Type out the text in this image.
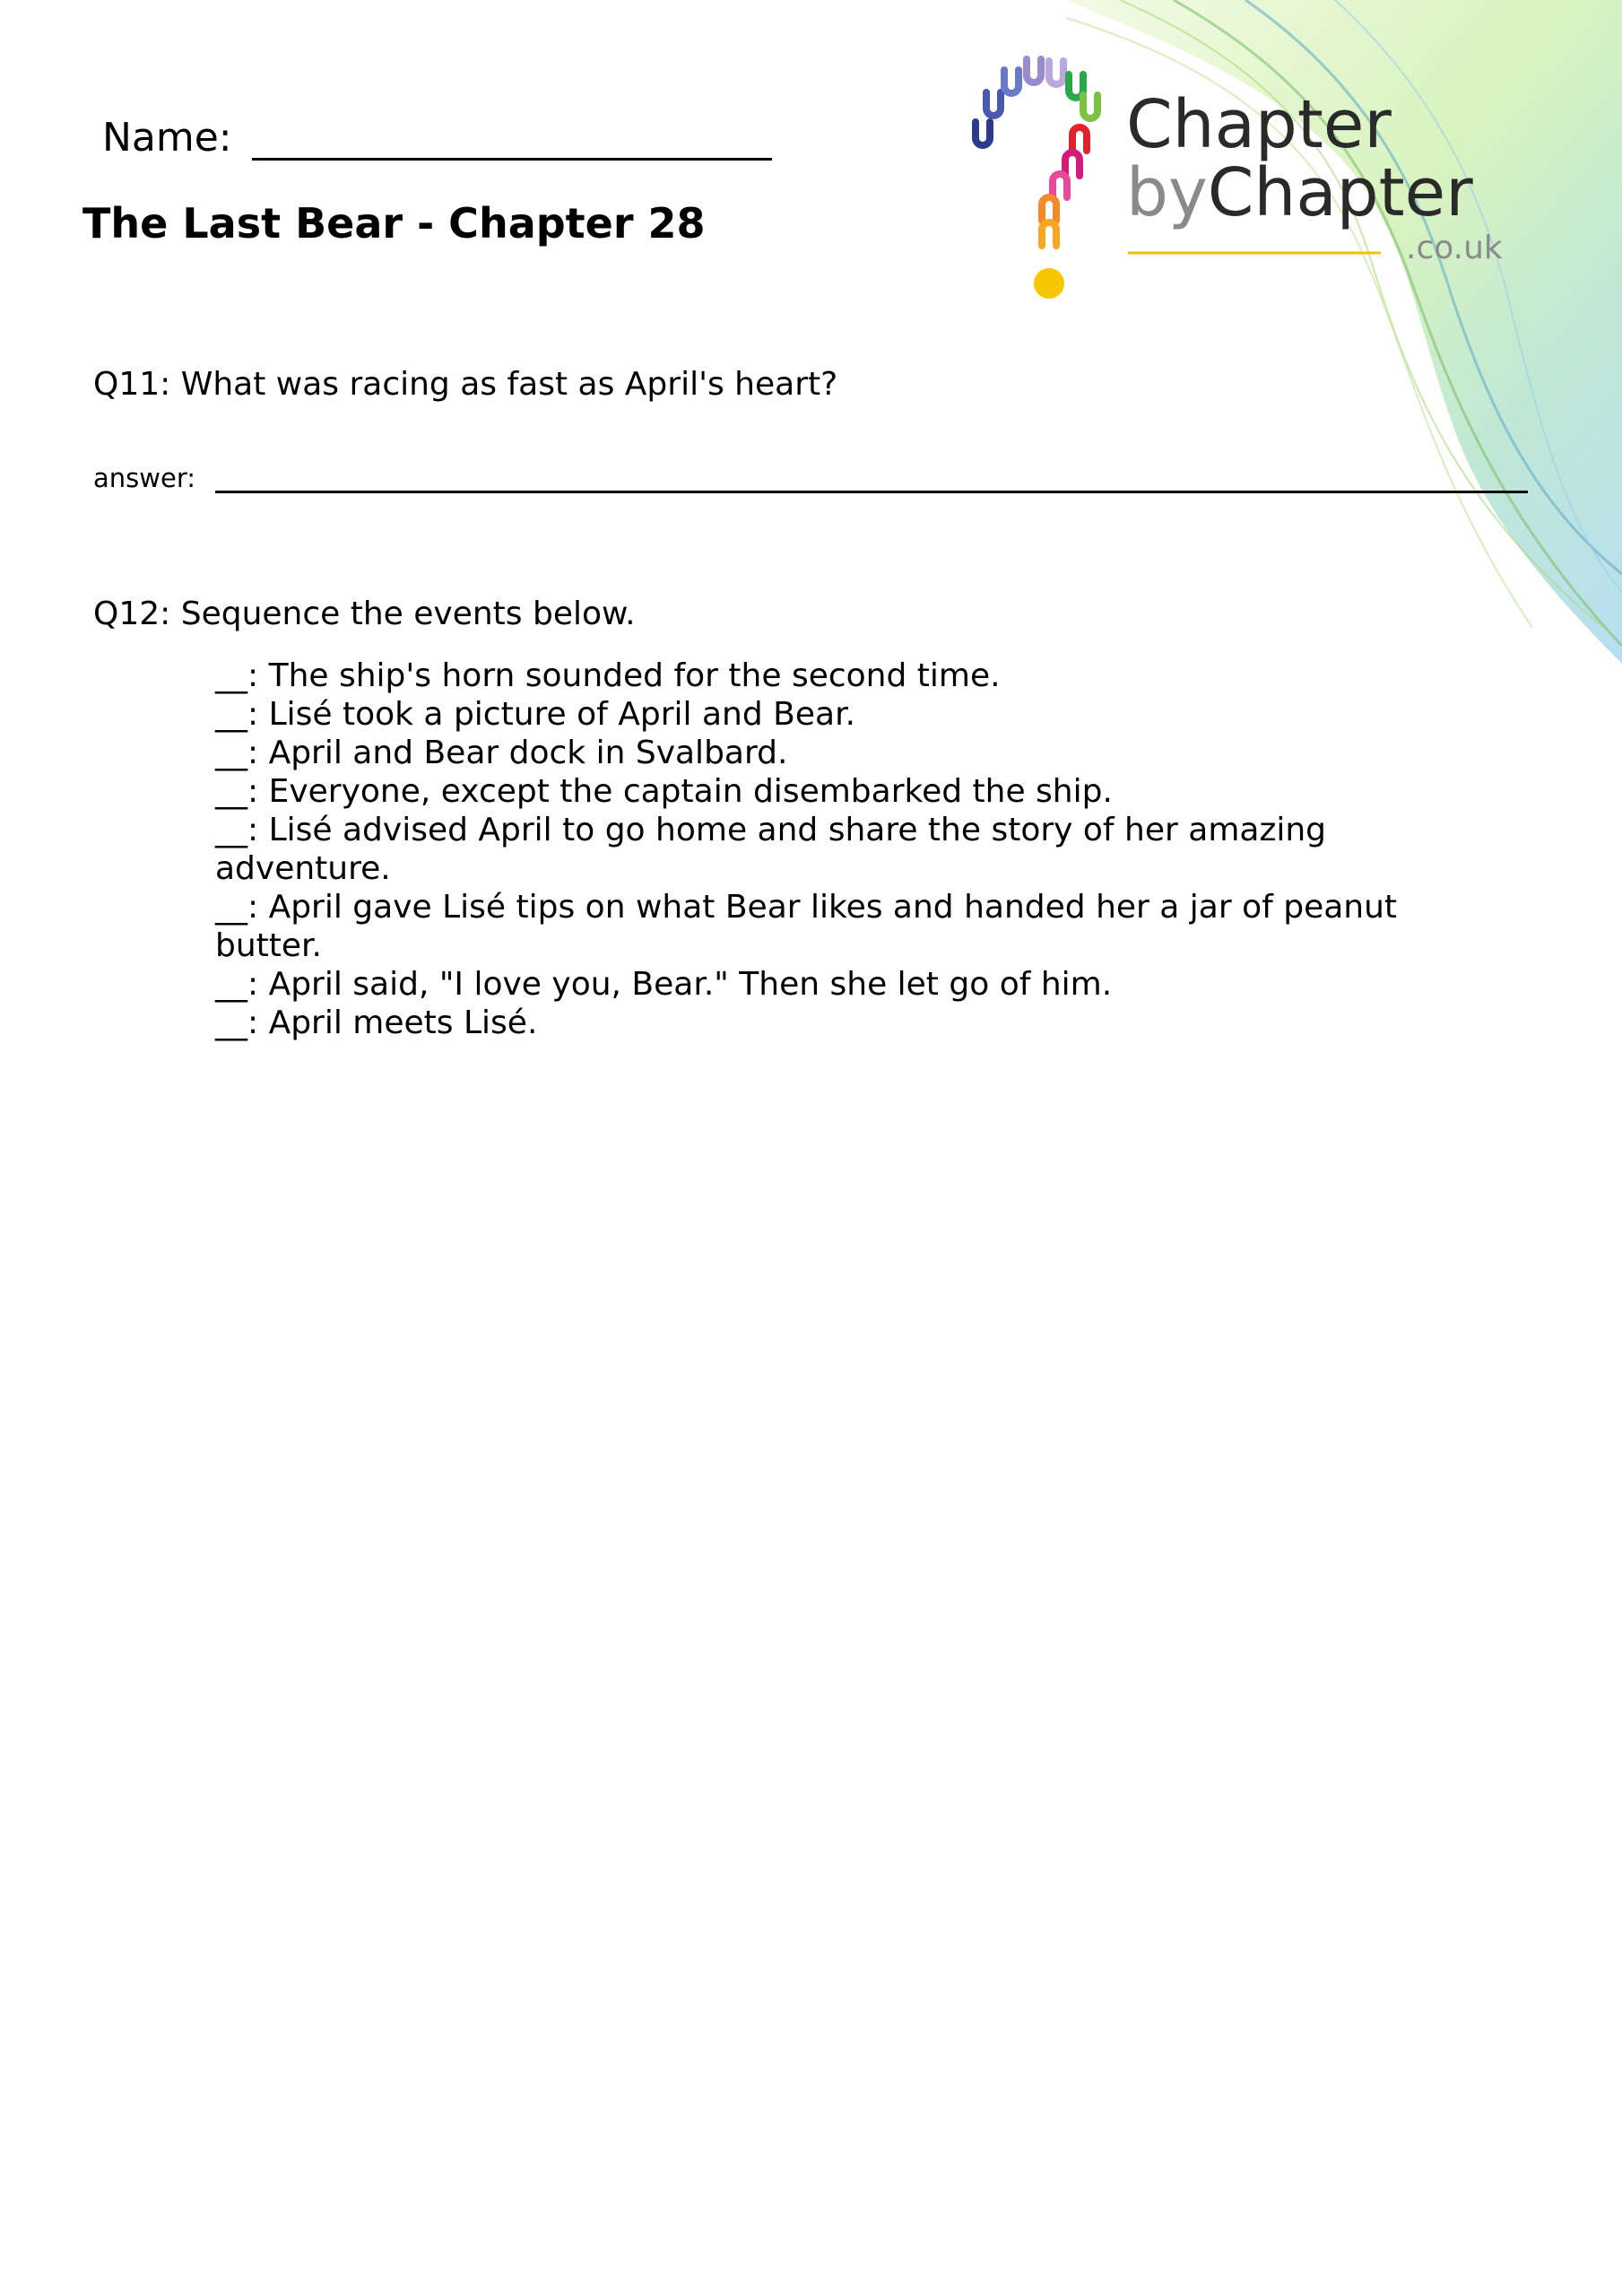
Chapter
byChapter
.co.uk
Name:
The Last Bear - Chapter 28
Q11: What was racing as fast as April's heart?
answer:
Q12: Sequence the events below.
__: The ship's horn sounded for the second time.
__: Lisé took a picture of April and Bear.
__: April and Bear dock in Svalbard.
__: Everyone, except the captain disembarked the ship.
__: Lisé advised April to go home and share the story of her amazing adventure.
__: April gave Lisé tips on what Bear likes and handed her a jar of peanut butter.
__: April said, "I love you, Bear." Then she let go of him.
__: April meets Lisé.
